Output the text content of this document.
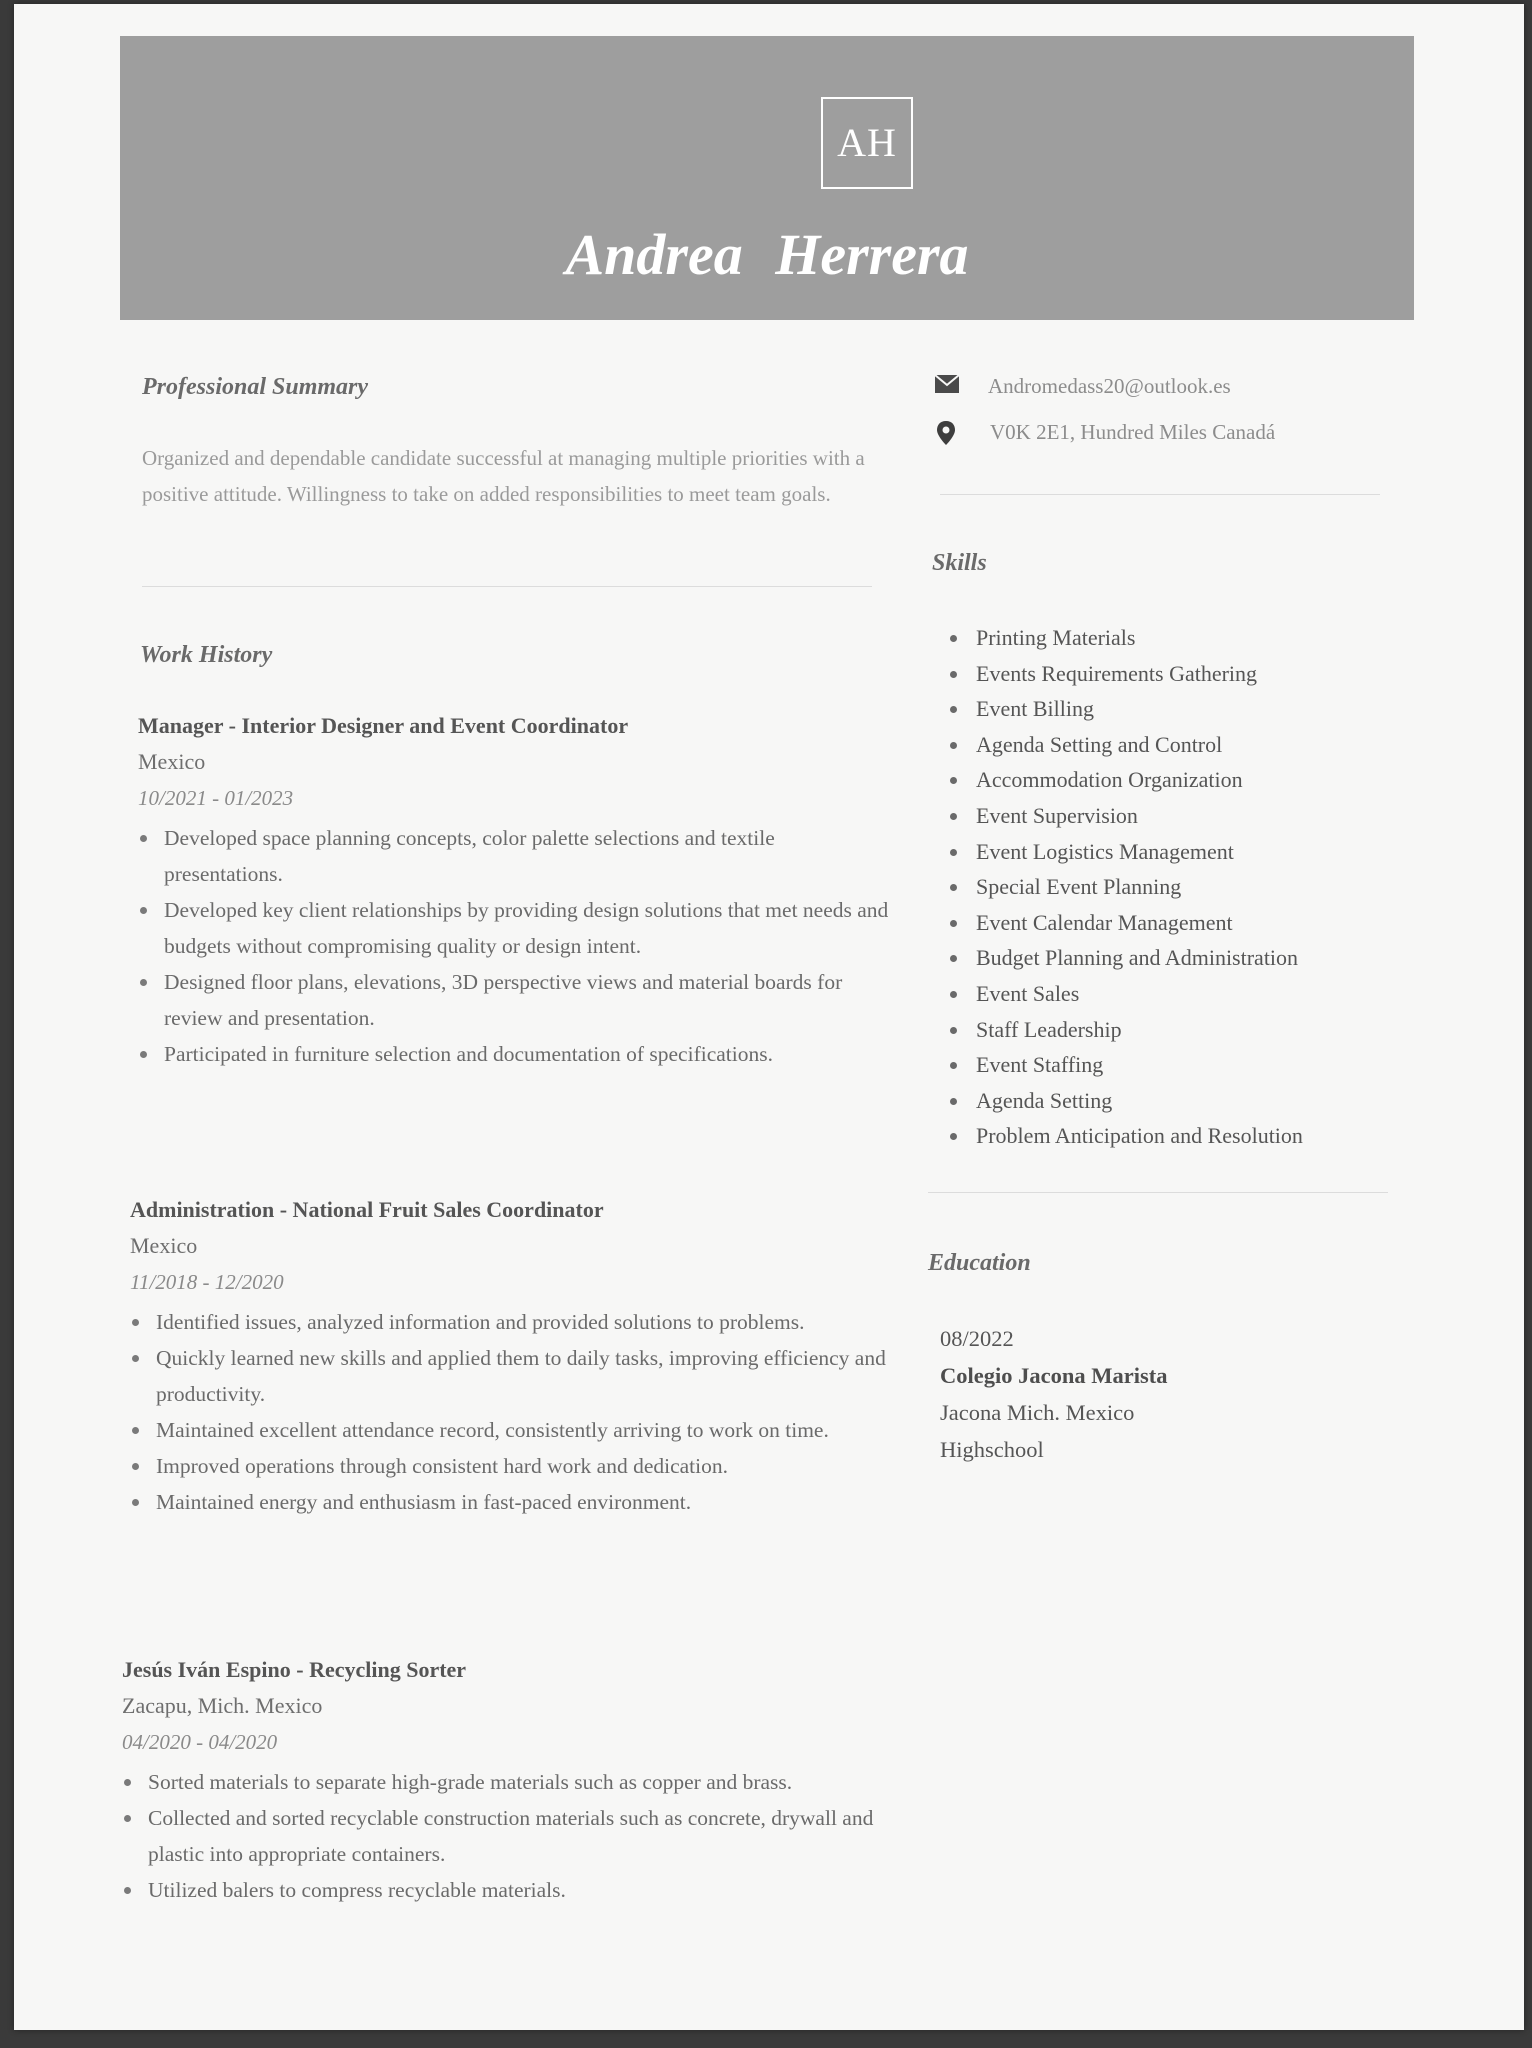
AH
Andrea Herrera
Professional Summary
Organized and dependable candidate successful at managing multiple priorities with a positive attitude. Willingness to take on added responsibilities to meet team goals.
Work History
Manager - Interior Designer and Event Coordinator
Mexico
10/2021 - 01/2023
Developed space planning concepts, color palette selections and textile presentations.
Developed key client relationships by providing design solutions that met needs and budgets without compromising quality or design intent.
Designed floor plans, elevations, 3D perspective views and material boards for review and presentation.
Participated in furniture selection and documentation of specifications.
Administration - National Fruit Sales Coordinator
Mexico
11/2018 - 12/2020
Identified issues, analyzed information and provided solutions to problems.
Quickly learned new skills and applied them to daily tasks, improving efficiency and productivity.
Maintained excellent attendance record, consistently arriving to work on time.
Improved operations through consistent hard work and dedication.
Maintained energy and enthusiasm in fast-paced environment.
Jesús Iván Espino - Recycling Sorter
Zacapu, Mich. Mexico
04/2020 - 04/2020
Sorted materials to separate high-grade materials such as copper and brass.
Collected and sorted recyclable construction materials such as concrete, drywall and plastic into appropriate containers.
Utilized balers to compress recyclable materials.
Andromedass20@outlook.es
V0K 2E1, Hundred Miles Canadá
Skills
Printing Materials
Events Requirements Gathering
Event Billing
Agenda Setting and Control
Accommodation Organization
Event Supervision
Event Logistics Management
Special Event Planning
Event Calendar Management
Budget Planning and Administration
Event Sales
Staff Leadership
Event Staffing
Agenda Setting
Problem Anticipation and Resolution
Education
08/2022
Colegio Jacona Marista
Jacona Mich. Mexico
Highschool
